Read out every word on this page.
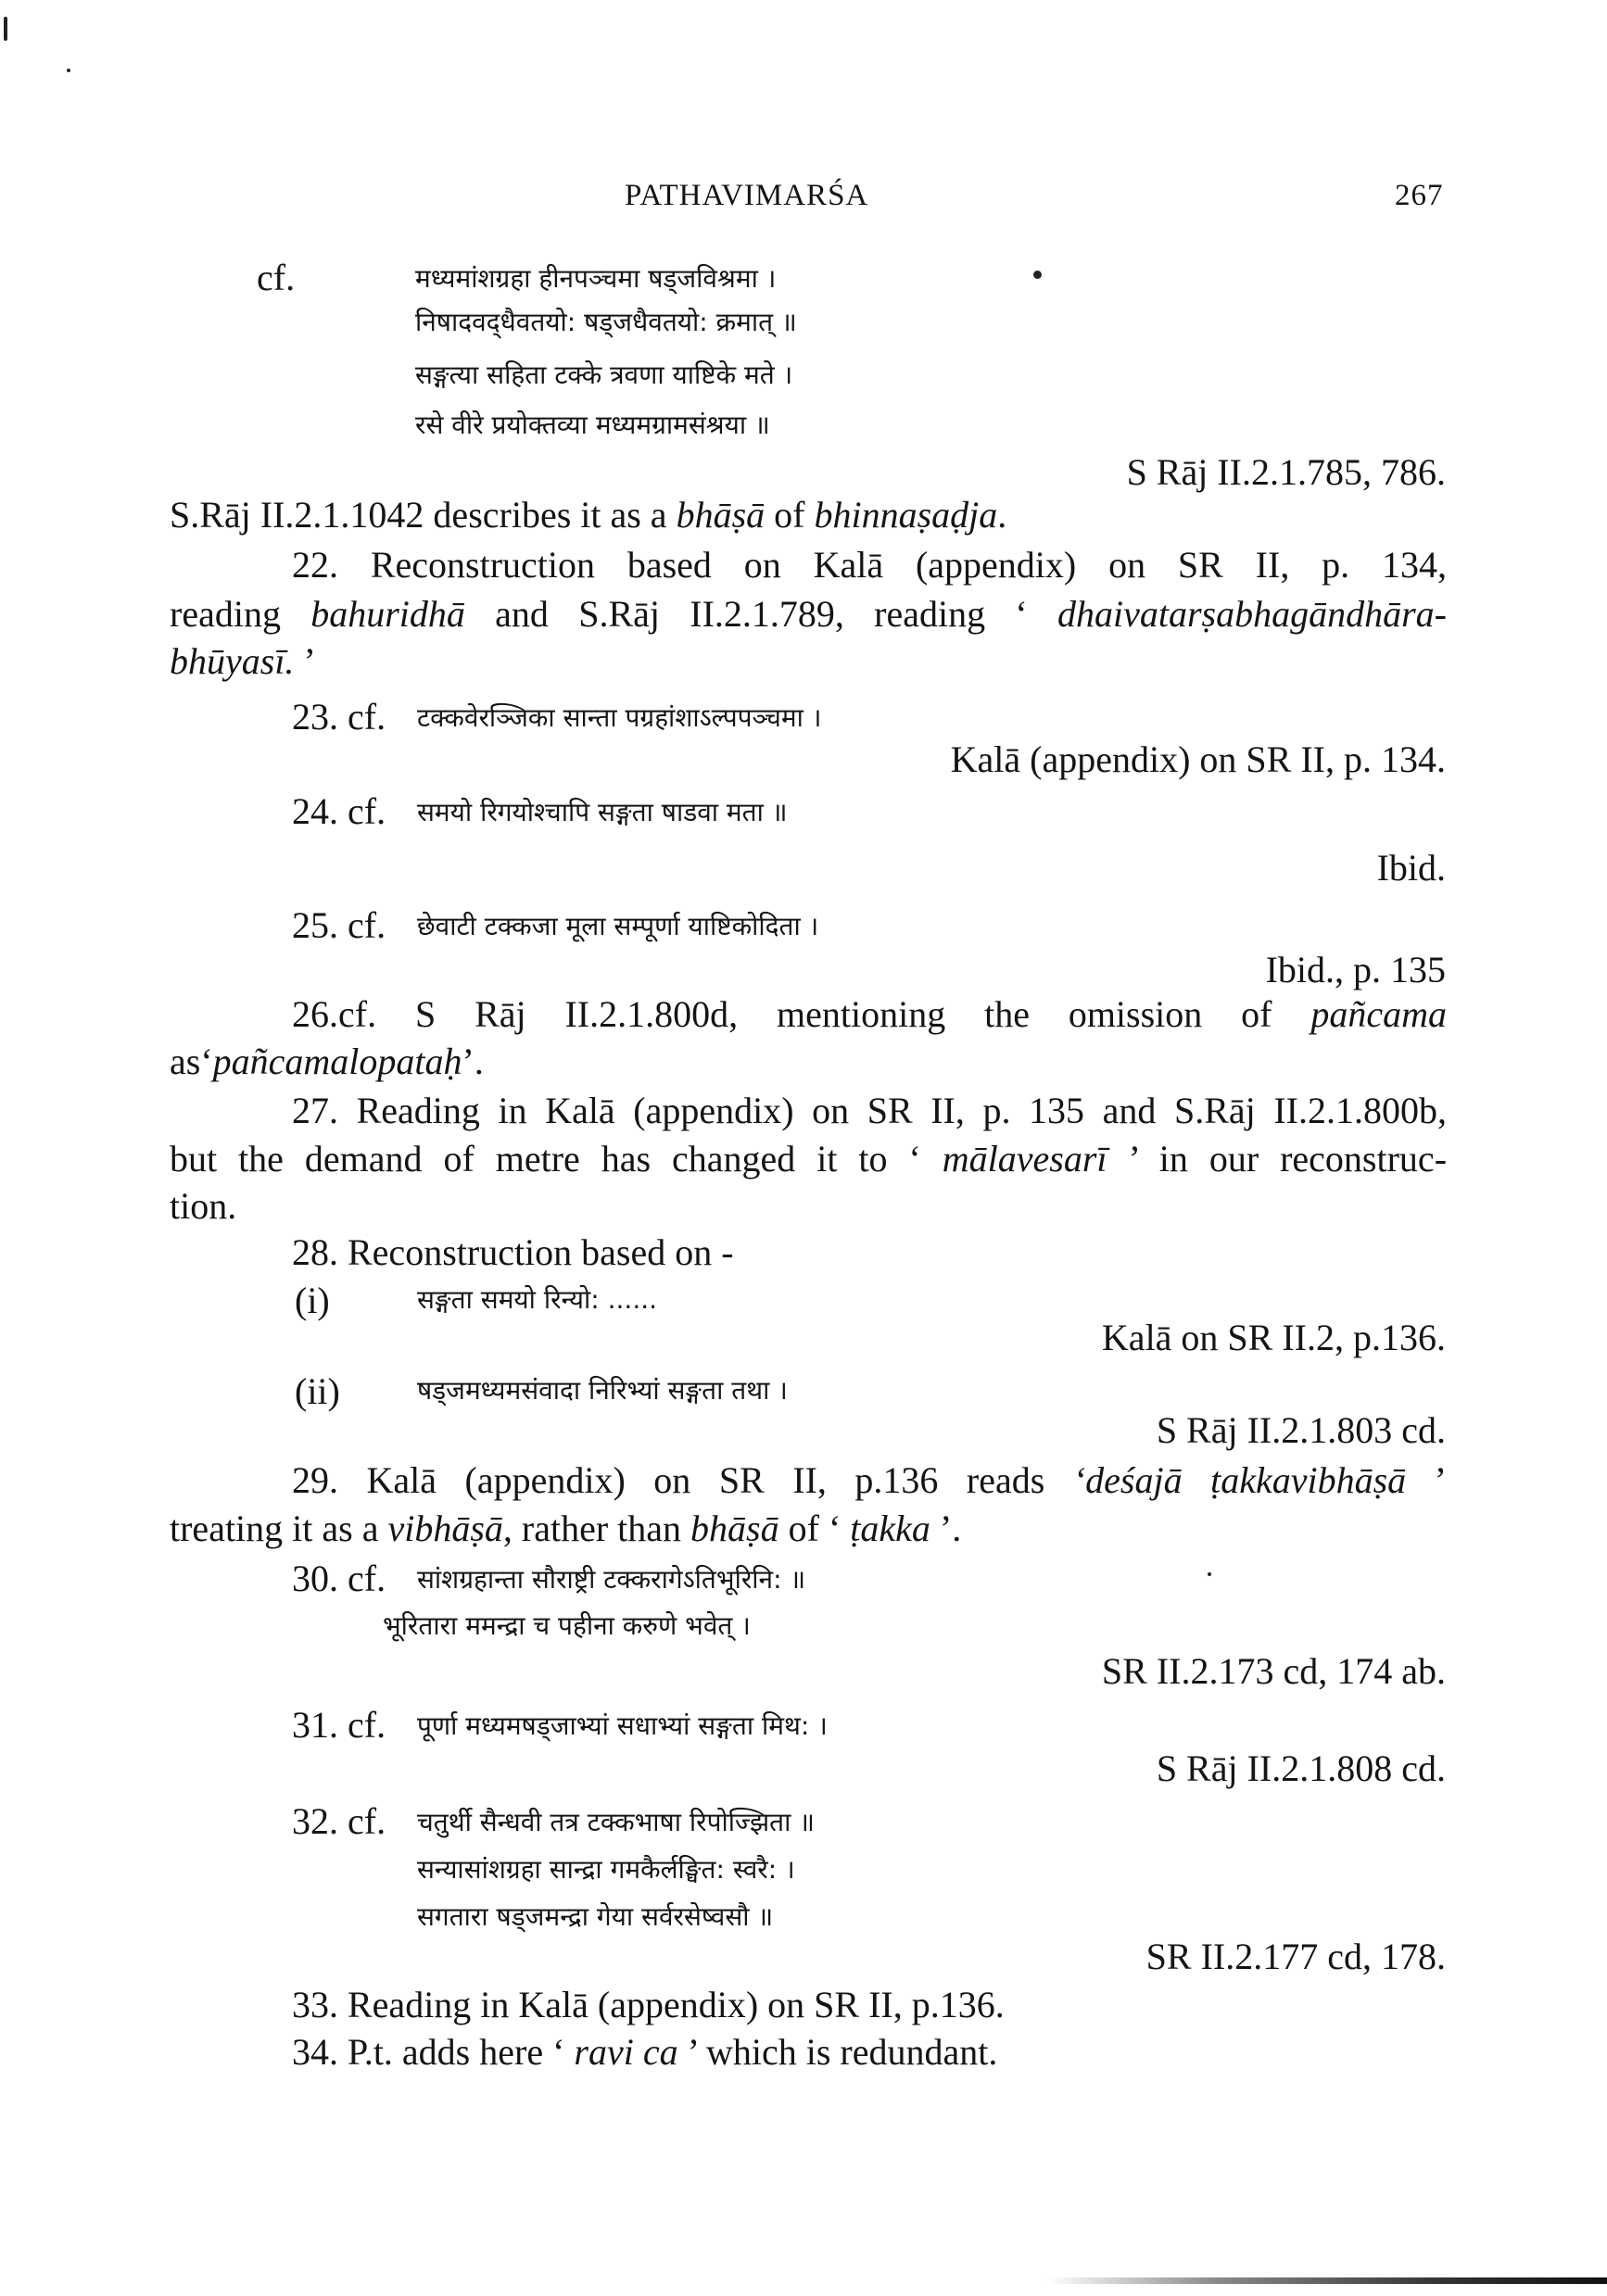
PATHAVIMARŚA	267
cf.	मध्यमांशग्रहा हीनपञ्चमा षड्जविश्रमा ।
निषादवद्‌धैवतयो: षड्जधैवतयो: क्रमात्‌ ॥
सङ्गत्या सहिता टक्के त्रवणा याष्टिके मते ।
रसे वीरे प्रयोक्तव्या मध्यमग्रामसंश्रया ॥
S Rāj II.2.1.785, 786.
S.Rāj II.2.1.1042 describes it as a bhāṣā of bhinnaṣaḍja.
22. Reconstruction based on Kalā (appendix) on SR II, p. 134,
reading bahuridhā and S.Rāj II.2.1.789, reading ‘ dhaivatarṣabhagāndhāra-
bhūyasī. ’
23. cf. टक्कवेरञ्जिका सान्ता पग्रहांशाऽल्पपञ्चमा ।
Kalā (appendix) on SR II, p. 134.
24. cf. समयो रिगयोश्चापि सङ्गता षाडवा मता ॥
Ibid.
25. cf. छेवाटी टक्कजा मूला सम्पूर्णा याष्टिकोदिता ।
Ibid., p. 135
26.cf. S Rāj II.2.1.800d, mentioning the omission of pañcama
as‘pañcamalopataḥ’.
27. Reading in Kalā (appendix) on SR II, p. 135 and S.Rāj II.2.1.800b,
but the demand of metre has changed it to ‘ mālavesarī ’ in our reconstruc-
tion.
28. Reconstruction based on -
(i)	सङ्गता समयो रिन्यो: ......
Kalā on SR II.2, p.136.
(ii)	षड्जमध्यमसंवादा निरिभ्यां सङ्गता तथा ।
S Rāj II.2.1.803 cd.
29. Kalā (appendix) on SR II, p.136 reads ‘deśajā ṭakkavibhāṣā ’
treating it as a vibhāṣā, rather than bhāṣā of ‘ ṭakka ’.
30. cf. सांशग्रहान्ता सौराष्ट्री टक्करागेऽतिभूरिनि: ॥
भूरितारा ममन्द्रा च पहीना करुणे भवेत्‌ ।
SR II.2.173 cd, 174 ab.
31. cf. पूर्णा मध्यमषड्जाभ्यां सधाभ्यां सङ्गता मिथ: ।
S Rāj II.2.1.808 cd.
32. cf. चतुर्थी सैन्धवी तत्र टक्कभाषा रिपोज्झिता ॥
सन्यासांशग्रहा सान्द्रा गमकैर्लङ्घित: स्वरै: ।
सगतारा षड्जमन्द्रा गेया सर्वरसेष्वसौ ॥
SR II.2.177 cd, 178.
33. Reading in Kalā (appendix) on SR II, p.136.
34. P.t. adds here ‘ ravi ca ’ which is redundant.
